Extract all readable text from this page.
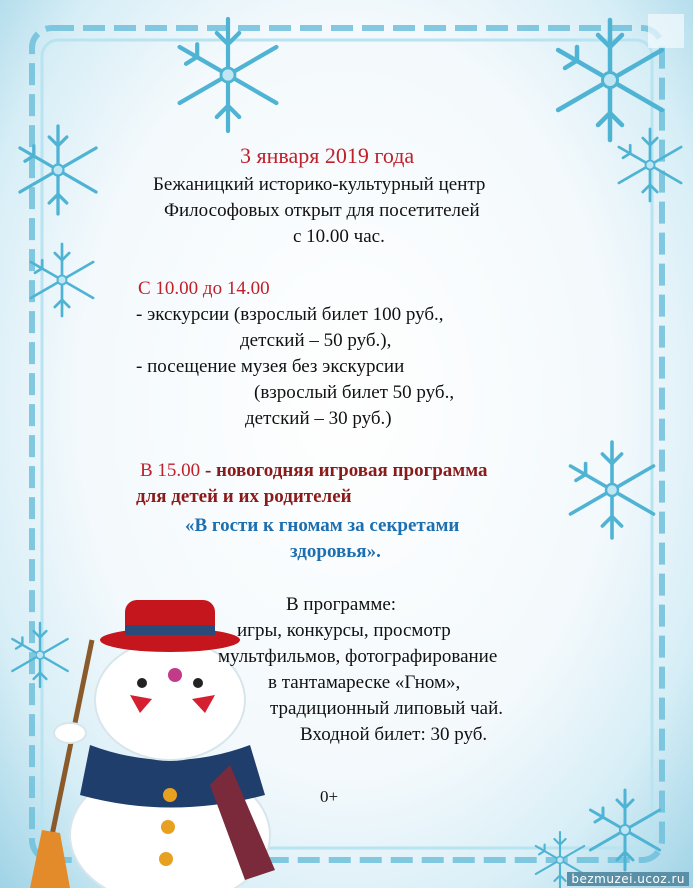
3 января 2019 года
Бежаницкий историко-культурный центр
Философовых открыт для посетителей
с 10.00 час.
С 10.00 до 14.00
- экскурсии (взрослый билет 100 руб.,
детский – 50 руб.),
- посещение музея без экскурсии
(взрослый билет 50 руб.,
детский – 30 руб.)
В 15.00 - новогодняя игровая программа
для детей и их родителей
«В гости к гномам за секретами
здоровья».
В программе:
игры, конкурсы, просмотр
мультфильмов, фотографирование
в тантамареске «Гном»,
традиционный липовый чай.
Входной билет: 30 руб.
0+
bezmuzei.ucoz.ru
